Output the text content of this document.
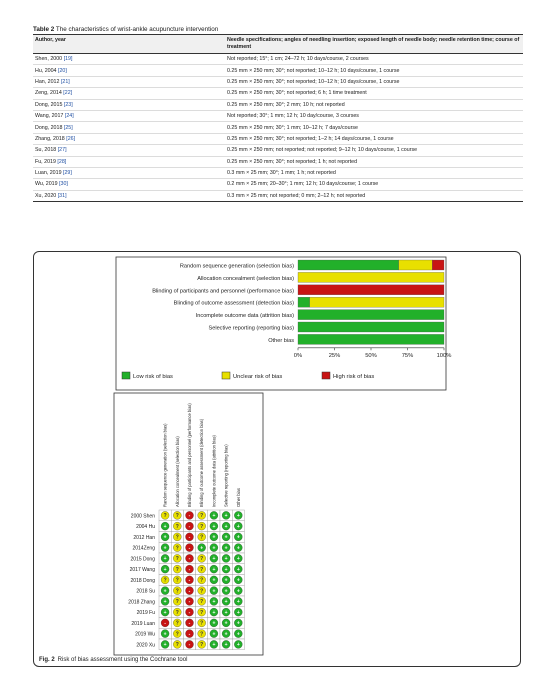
Table 2 The characteristics of wrist-ankle acupuncture intervention
Author, year	Needle specifications; angles of needling insertion; exposed length of needle body; needle retention time; course of treatment
Shen, 2000 [19]	Not reported; 15°; 1 cm; 24–72 h; 10 days/course, 2 courses
Hu, 2004 [20]	0.25 mm × 250 mm; 30°; not reported; 10–12 h; 10 days/course, 1 course
Han, 2012 [21]	0.25 mm × 250 mm; 30°; not reported; 10–12 h; 10 days/course, 1 course
Zeng, 2014 [22]	0.25 mm × 250 mm; 30°; not reported; 6 h; 1 time treatment
Dong, 2015 [23]	0.25 mm × 250 mm; 30°; 2 mm; 10 h; not reported
Wang, 2017 [24]	Not reported; 30°; 1 mm; 12 h; 10 day/course, 3 courses
Dong, 2018 [25]	0.25 mm × 250 mm; 30°; 1 mm; 10–12 h; 7 days/course
Zhang, 2018 [26]	0.25 mm × 250 mm; 30°; not reported; 1–2 h; 14 days/course, 1 course
Su, 2018 [27]	0.25 mm × 250 mm; not reported; not reported; 9–12 h; 10 days/course, 1 course
Fu, 2019 [28]	0.25 mm × 250 mm; 30°; not reported; 1 h; not reported
Luan, 2019 [29]	0.3 mm × 25 mm; 30°; 1 mm; 1 h; not reported
Wu, 2019 [30]	0.2 mm × 25 mm; 20–30°; 1 mm; 12 h; 10 days/course; 1 course
Xu, 2020 [31]	0.3 mm × 25 mm; not reported; 0 mm; 2–12 h; not reported
Random sequence generation (selection bias)
Allocation concealment (selection bias)
Blinding of participants and personnel (performance bias)
Blinding of outcome assessment (detection bias)
Incomplete outcome data (attrition bias)
Selective reporting (reporting bias)
Other bias
0%	25%	50%	75%	100%
Low risk of bias	Unclear risk of bias	High risk of bias
Random sequence generation (selection bias) Allocation concealment (selection bias) Blinding of participants and personnel (performance bias) Blinding of outcome assessment (detection bias) Incomplete outcome data (attrition bias) Selective reporting (reporting bias) Other bias
2000 Shen ? ? - ? + + +
2004 Hu + ? - ? + + +
2012 Han + ? - ? + + +
2014Zeng + ? - + + + +
2015 Dong + ? - ? + + +
2017 Wang + ? - ? + + +
2018 Dong ? ? - ? + + +
2018 Su + ? - ? + + +
2018 Zhang + ? - ? + + +
2019 Fu + ? - ? + + +
2019 Luan - ? - ? + + +
2019 Wu + ? - ? + + +
2020 Xu + ? - ? + + +
Fig. 2 Risk of bias assessment using the Cochrane tool
